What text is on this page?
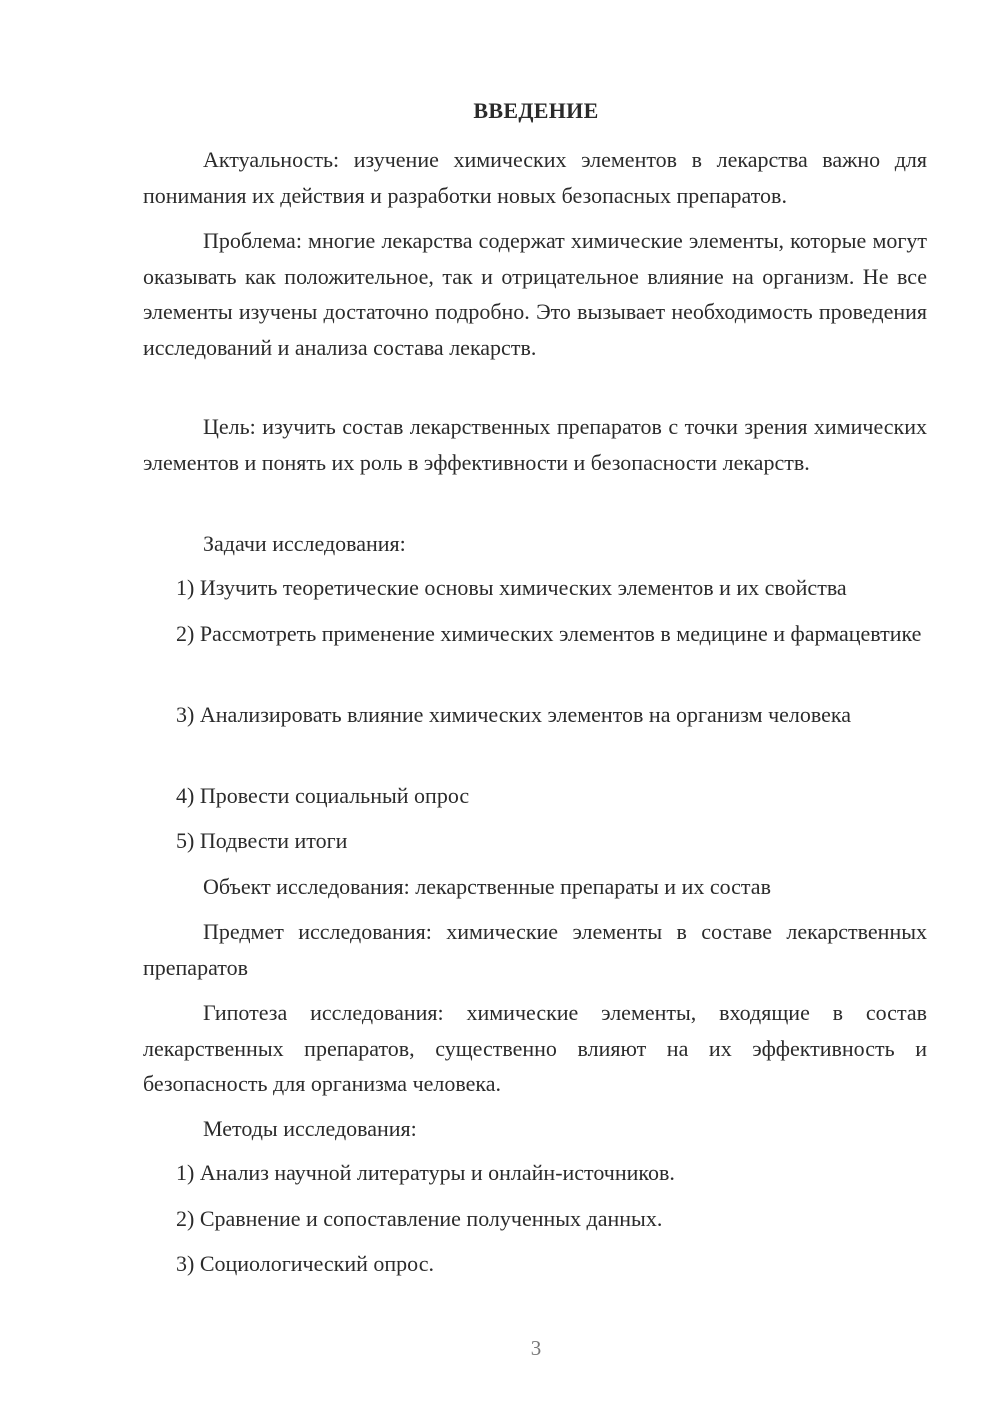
ВВЕДЕНИЕ

Актуальность: изучение химических элементов в лекарства важно для понимания их действия и разработки новых безопасных препаратов.

Проблема: многие лекарства содержат химические элементы, которые могут оказывать как положительное, так и отрицательное влияние на организм. Не все элементы изучены достаточно подробно. Это вызывает необходимость проведения исследований и анализа состава лекарств.

Цель: изучить состав лекарственных препаратов с точки зрения химических элементов и понять их роль в эффективности и безопасности лекарств.

Задачи исследования:

1) Изучить теоретические основы химических элементов и их свойства

2) Рассмотреть применение химических элементов в медицине и фармацевтике

3) Анализировать влияние химических элементов на организм человека

4) Провести социальный опрос

5) Подвести итоги

Объект исследования: лекарственные препараты и их состав

Предмет исследования: химические элементы в составе лекарственных препаратов

Гипотеза исследования: химические элементы, входящие в состав лекарственных препаратов, существенно влияют на их эффективность и безопасность для организма человека.

Методы исследования:

1) Анализ научной литературы и онлайн-источников.

2) Сравнение и сопоставление полученных данных.

3) Социологический опрос.

3
